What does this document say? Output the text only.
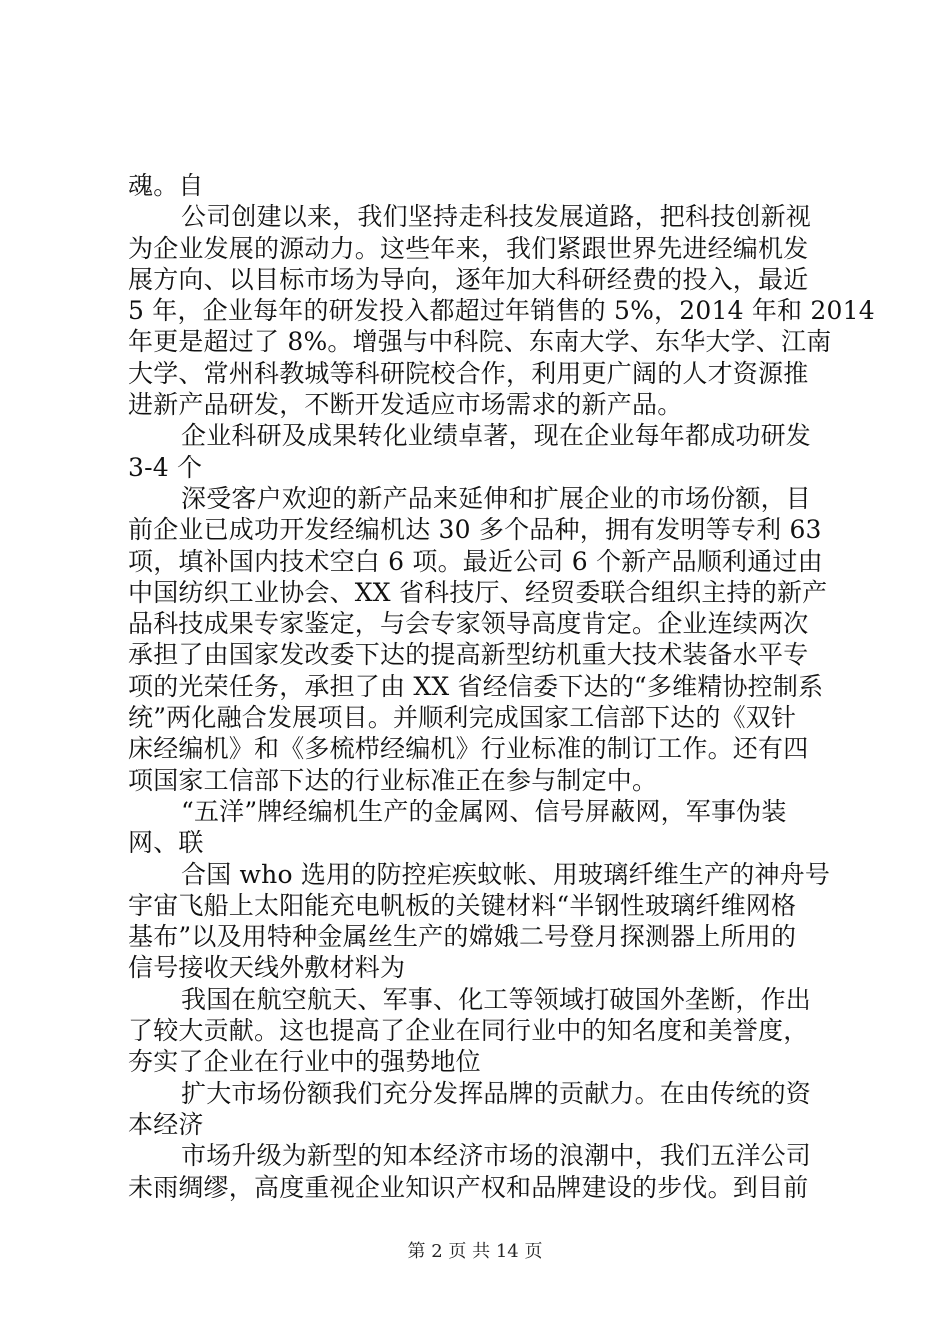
魂。自
公司创建以来，我们坚持走科技发展道路，把科技创新视
为企业发展的源动力。这些年来，我们紧跟世界先进经编机发
展方向、以目标市场为导向，逐年加大科研经费的投入，最近
5 年，企业每年的研发投入都超过年销售的 5%，2014 年和 2014
年更是超过了 8%。增强与中科院、东南大学、东华大学、江南
大学、常州科教城等科研院校合作，利用更广阔的人才资源推
进新产品研发，不断开发适应市场需求的新产品。
企业科研及成果转化业绩卓著，现在企业每年都成功研发
3-4 个
深受客户欢迎的新产品来延伸和扩展企业的市场份额，目
前企业已成功开发经编机达 30 多个品种，拥有发明等专利 63
项，填补国内技术空白 6 项。最近公司 6 个新产品顺利通过由
中国纺织工业协会、XX 省科技厅、经贸委联合组织主持的新产
品科技成果专家鉴定，与会专家领导高度肯定。企业连续两次
承担了由国家发改委下达的提高新型纺机重大技术装备水平专
项的光荣任务，承担了由 XX 省经信委下达的“多维精协控制系
统”两化融合发展项目。并顺利完成国家工信部下达的《双针
床经编机》和《多梳栉经编机》行业标准的制订工作。还有四
项国家工信部下达的行业标准正在参与制定中。
“五洋”牌经编机生产的金属网、信号屏蔽网，军事伪装
网、联
合国 who 选用的防控疟疾蚊帐、用玻璃纤维生产的神舟号
宇宙飞船上太阳能充电帆板的关键材料“半钢性玻璃纤维网格
基布”以及用特种金属丝生产的嫦娥二号登月探测器上所用的
信号接收天线外敷材料为
我国在航空航天、军事、化工等领域打破国外垄断，作出
了较大贡献。这也提高了企业在同行业中的知名度和美誉度，
夯实了企业在行业中的强势地位
扩大市场份额我们充分发挥品牌的贡献力。在由传统的资
本经济
市场升级为新型的知本经济市场的浪潮中，我们五洋公司
未雨绸缪，高度重视企业知识产权和品牌建设的步伐。到目前
第 2 页 共 14 页
